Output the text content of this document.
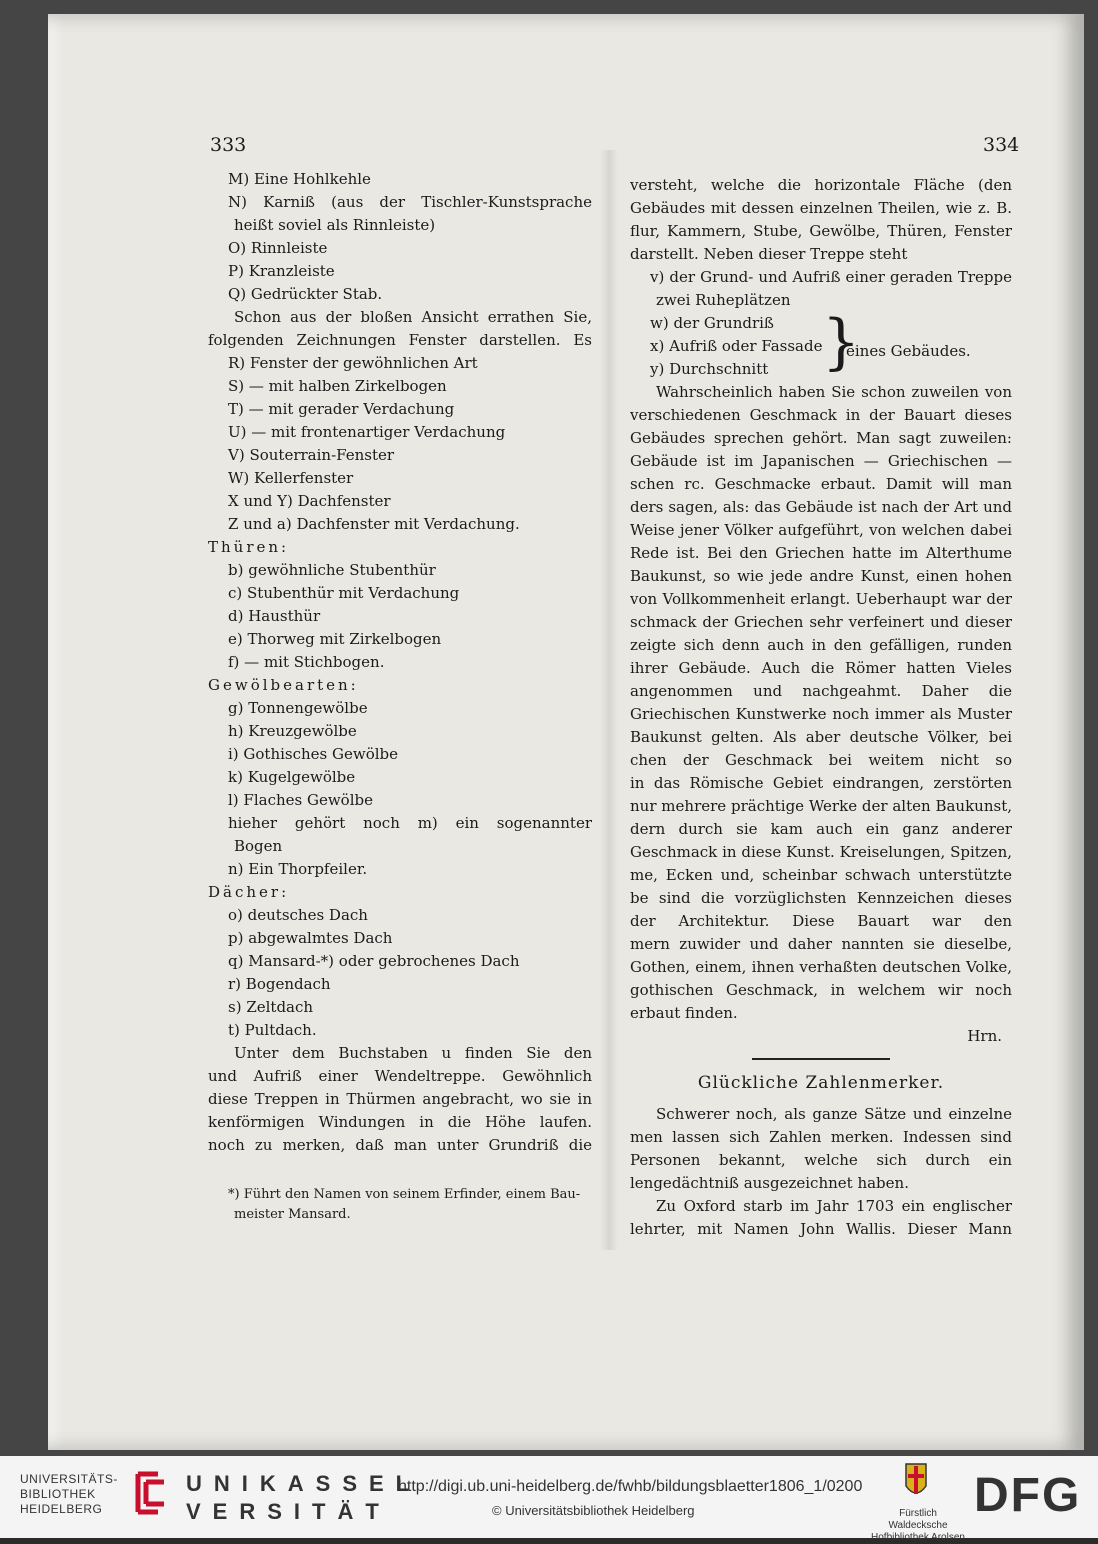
333	334
M) Eine Hohlkehle
N) Karniß (aus der Tischler-Kunstsprache
heißt soviel als Rinnleiste)
O) Rinnleiste
P) Kranzleiste
Q) Gedrückter Stab.
Schon aus der bloßen Ansicht errathen Sie,
folgenden Zeichnungen Fenster darstellen. Es
R) Fenster der gewöhnlichen Art
S) — mit halben Zirkelbogen
T) — mit gerader Verdachung
U) — mit frontenartiger Verdachung
V) Souterrain-Fenster
W) Kellerfenster
X und Y) Dachfenster
Z und a) Dachfenster mit Verdachung.
Thüren:
b) gewöhnliche Stubenthür
c) Stubenthür mit Verdachung
d) Hausthür
e) Thorweg mit Zirkelbogen
f) — mit Stichbogen.
Gewölbearten:
g) Tonnengewölbe
h) Kreuzgewölbe
i) Gothisches Gewölbe
k) Kugelgewölbe
l) Flaches Gewölbe
hieher gehört noch m) ein sogenannter
Bogen
n) Ein Thorpfeiler.
Dächer:
o) deutsches Dach
p) abgewalmtes Dach
q) Mansard-*) oder gebrochenes Dach
r) Bogendach
s) Zeltdach
t) Pultdach.
Unter dem Buchstaben u finden Sie den
und Aufriß einer Wendeltreppe. Gewöhnlich
diese Treppen in Thürmen angebracht, wo sie in
kenförmigen Windungen in die Höhe laufen.
noch zu merken, daß man unter Grundriß die
*) Führt den Namen von seinem Erfinder, einem Bau-
meister Mansard.
versteht, welche die horizontale Fläche (den
Gebäudes mit dessen einzelnen Theilen, wie z. B.
flur, Kammern, Stube, Gewölbe, Thüren, Fenster
darstellt. Neben dieser Treppe steht
v) der Grund- und Aufriß einer geraden Treppe
zwei Ruheplätzen
w) der Grundriß
x) Aufriß oder Fassade
y) Durchschnitt
Wahrscheinlich haben Sie schon zuweilen von
verschiedenen Geschmack in der Bauart dieses
Gebäudes sprechen gehört. Man sagt zuweilen:
Gebäude ist im Japanischen — Griechischen —
schen rc. Geschmacke erbaut. Damit will man
ders sagen, als: das Gebäude ist nach der Art und
Weise jener Völker aufgeführt, von welchen dabei
Rede ist. Bei den Griechen hatte im Alterthume
Baukunst, so wie jede andre Kunst, einen hohen
von Vollkommenheit erlangt. Ueberhaupt war der
schmack der Griechen sehr verfeinert und dieser
zeigte sich denn auch in den gefälligen, runden
ihrer Gebäude. Auch die Römer hatten Vieles
angenommen und nachgeahmt. Daher die
Griechischen Kunstwerke noch immer als Muster
Baukunst gelten. Als aber deutsche Völker, bei
chen der Geschmack bei weitem nicht so
in das Römische Gebiet eindrangen, zerstörten
nur mehrere prächtige Werke der alten Baukunst,
dern durch sie kam auch ein ganz anderer
Geschmack in diese Kunst. Kreiselungen, Spitzen,
me, Ecken und, scheinbar schwach unterstützte
be sind die vorzüglichsten Kennzeichen dieses
der Architektur. Diese Bauart war den
mern zuwider und daher nannten sie dieselbe,
Gothen, einem, ihnen verhaßten deutschen Volke,
gothischen Geschmack, in welchem wir noch
erbaut finden.
Hrn.
Glückliche Zahlenmerker.
Schwerer noch, als ganze Sätze und einzelne
men lassen sich Zahlen merken. Indessen sind
Personen bekannt, welche sich durch ein
lengedächtniß ausgezeichnet haben.
Zu Oxford starb im Jahr 1703 ein englischer
lehrter, mit Namen John Wallis. Dieser Mann
}
eines Gebäudes.
UNIVERSITÄTS-
BIBLIOTHEK
HEIDELBERG
UNIKASSEL
VERSITÄT
http://digi.ub.uni-heidelberg.de/fwhb/bildungsblaetter1806_1/0200
© Universitätsbibliothek Heidelberg	Fürstlich Waldecksche
Hofbibliothek Arolsen
DFG
